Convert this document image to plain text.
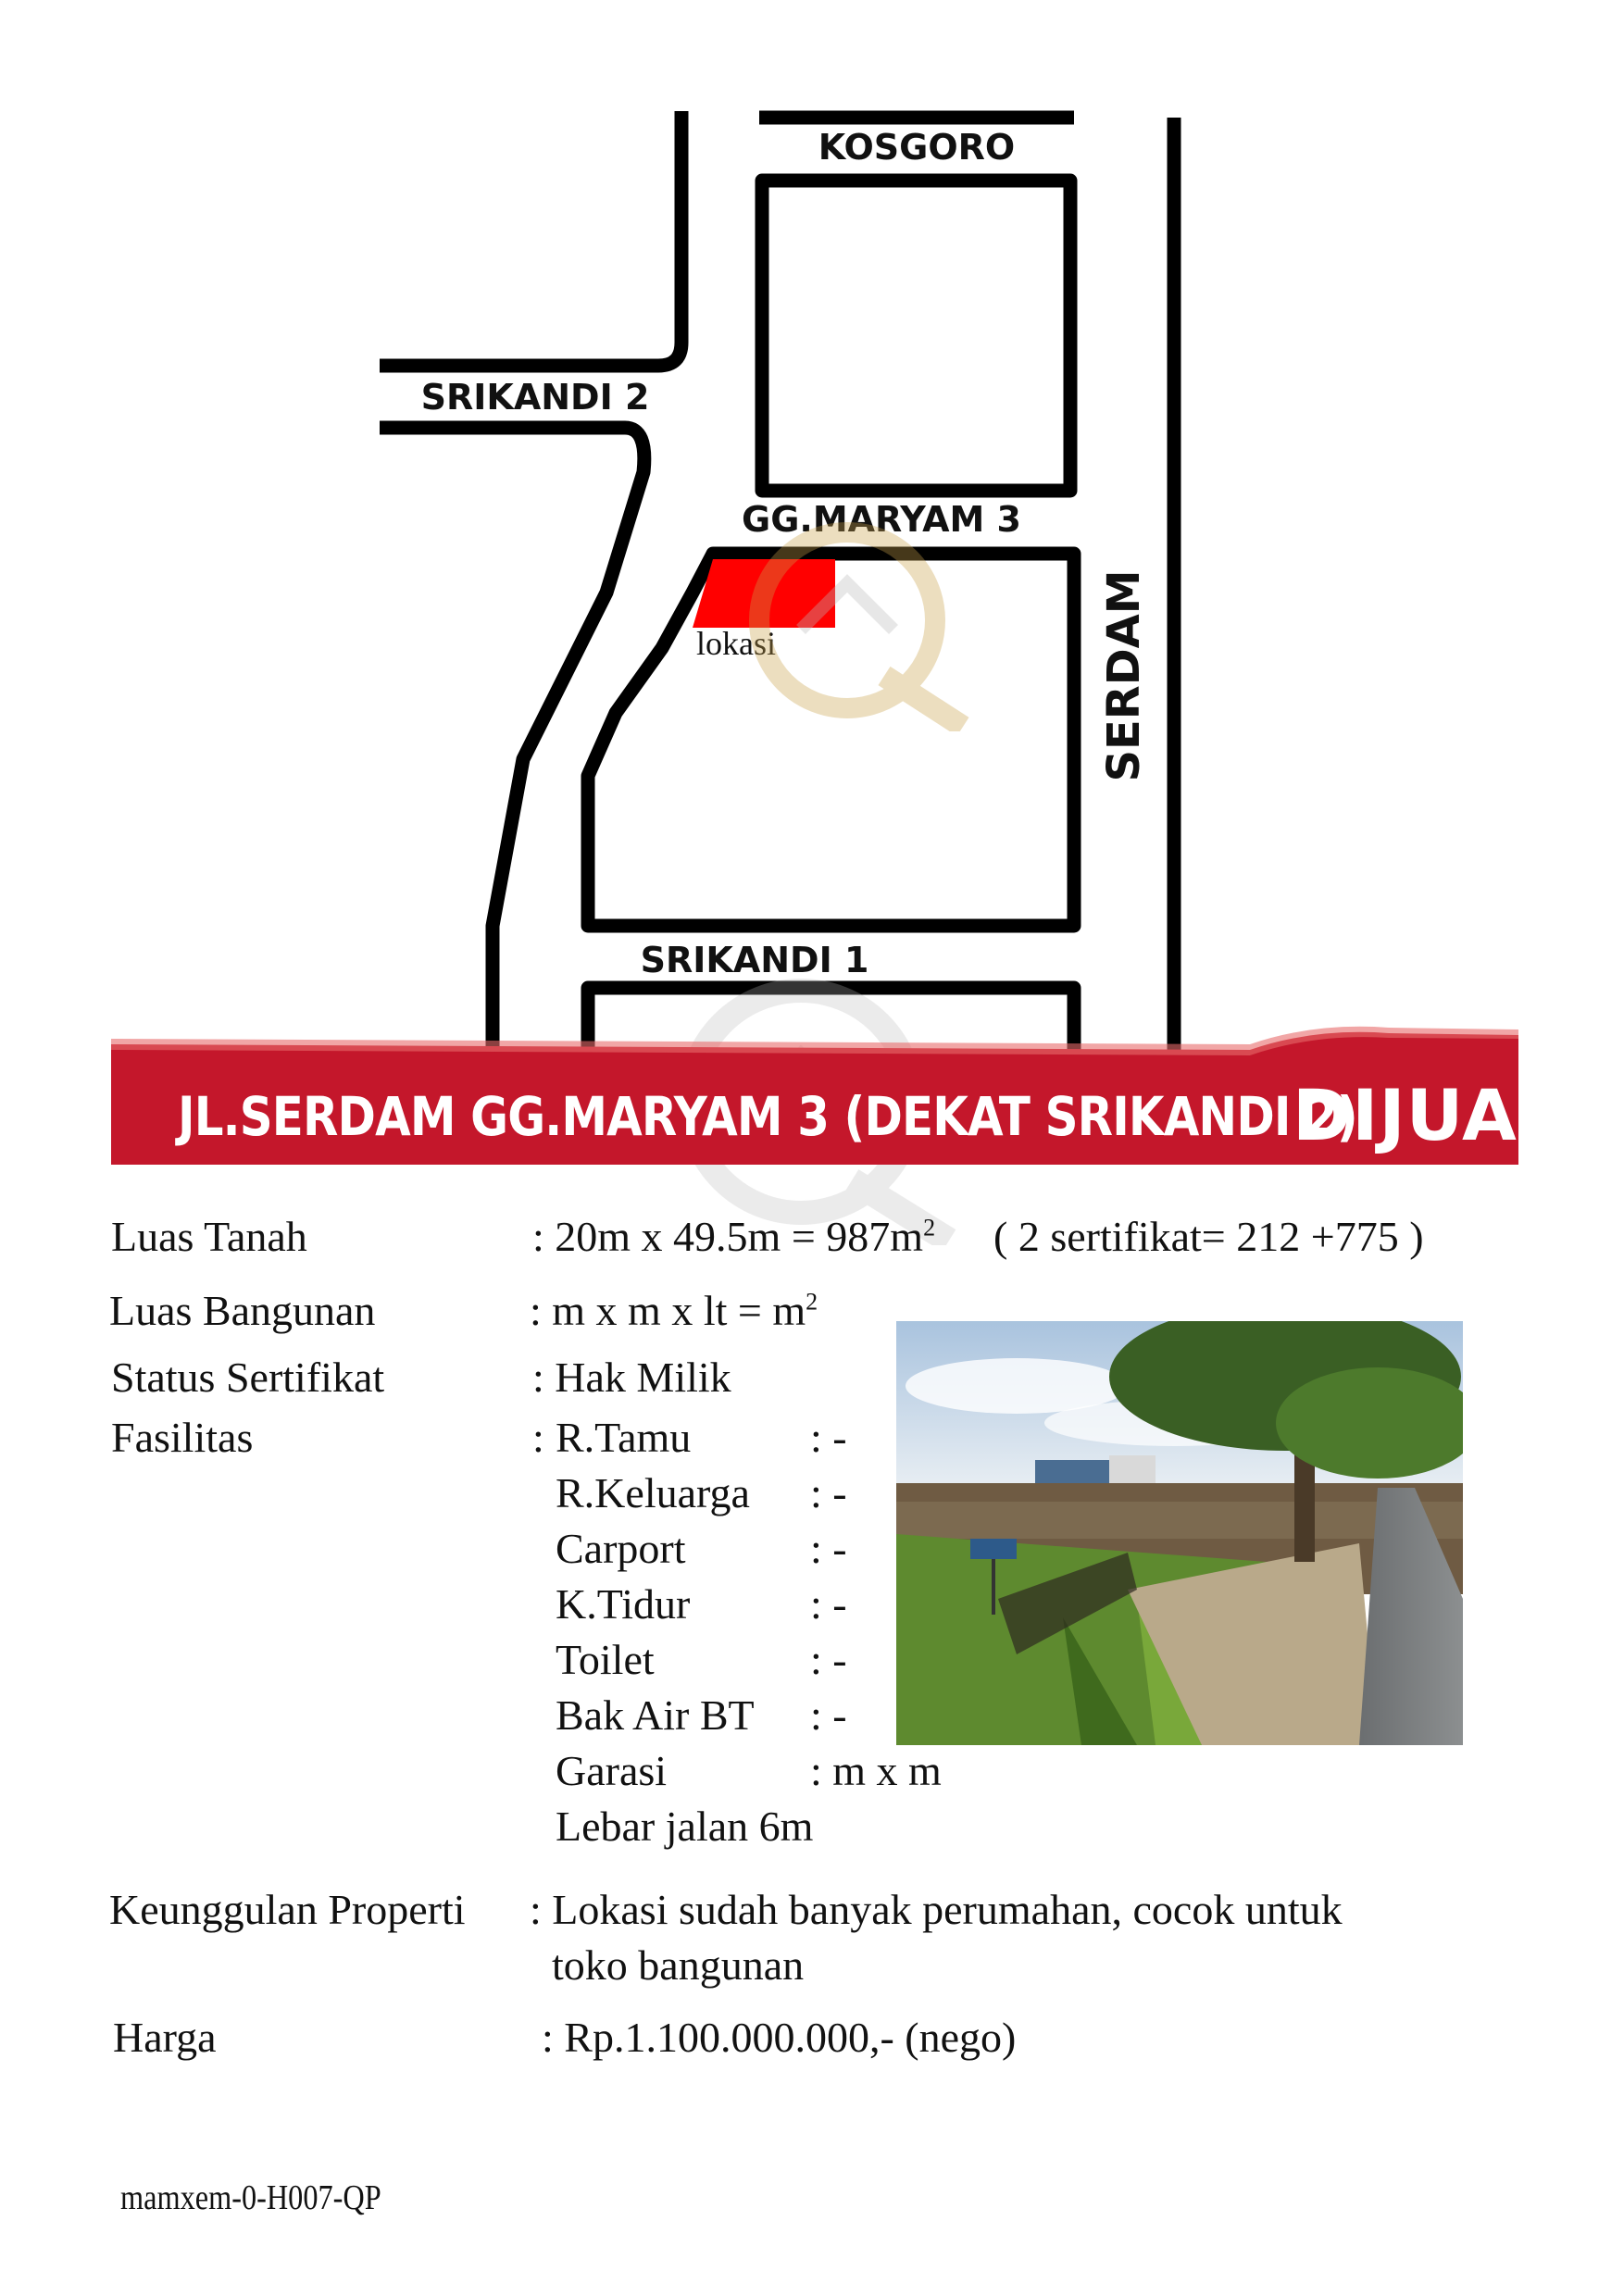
KOSGORO
SRIKANDI 2
GG.MARYAM 3
SERDAM
SRIKANDI 1
lokasi
JL.SERDAM GG.MARYAM 3 (DEKAT SRIKANDI 2)
DIJUAL
Luas Tanah	: 20m x $49.5m = 987m^2$ ( 2 sertifikat= 212 +775 )
Luas Bangunan	: m x m x lt = $m^2$
Status Sertifikat	: Hak Milik
Fasilitas	: R.Tamu	: -
R.Keluarga : -
Carport	: -
K.Tidur	: -
Toilet	: -
Bak Air BT : -
Garasi	: m x m
Lebar jalan 6m
Keunggulan Properti : Lokasi sudah banyak perumahan, cocok untuk
toko bangunan
Harga	: Rp.1.100.000.000,- (nego)
mamxem-0-H007-QP
